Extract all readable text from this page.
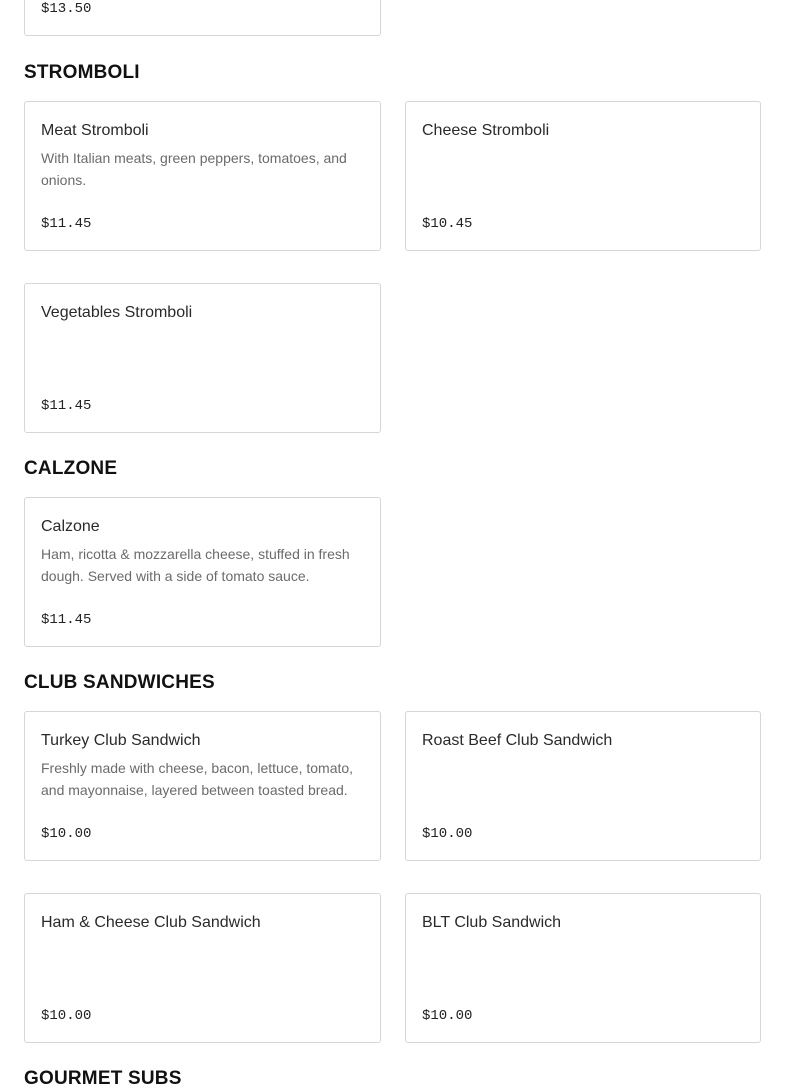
$13.50
STROMBOLI

Meat Stromboli

With Italian meats, green peppers, tomatoes, and onions.

$11.45

Cheese Stromboli

$10.45

Vegetables Stromboli

$11.45
CALZONE

Calzone

Ham, ricotta & mozzarella cheese, stuffed in fresh dough. Served with a side of tomato sauce.

$11.45
CLUB SANDWICHES

Turkey Club Sandwich

Freshly made with cheese, bacon, lettuce, tomato, and mayonnaise, layered between toasted bread.

$10.00

Roast Beef Club Sandwich

$10.00

Ham & Cheese Club Sandwich

$10.00

BLT Club Sandwich

$10.00
GOURMET SUBS
